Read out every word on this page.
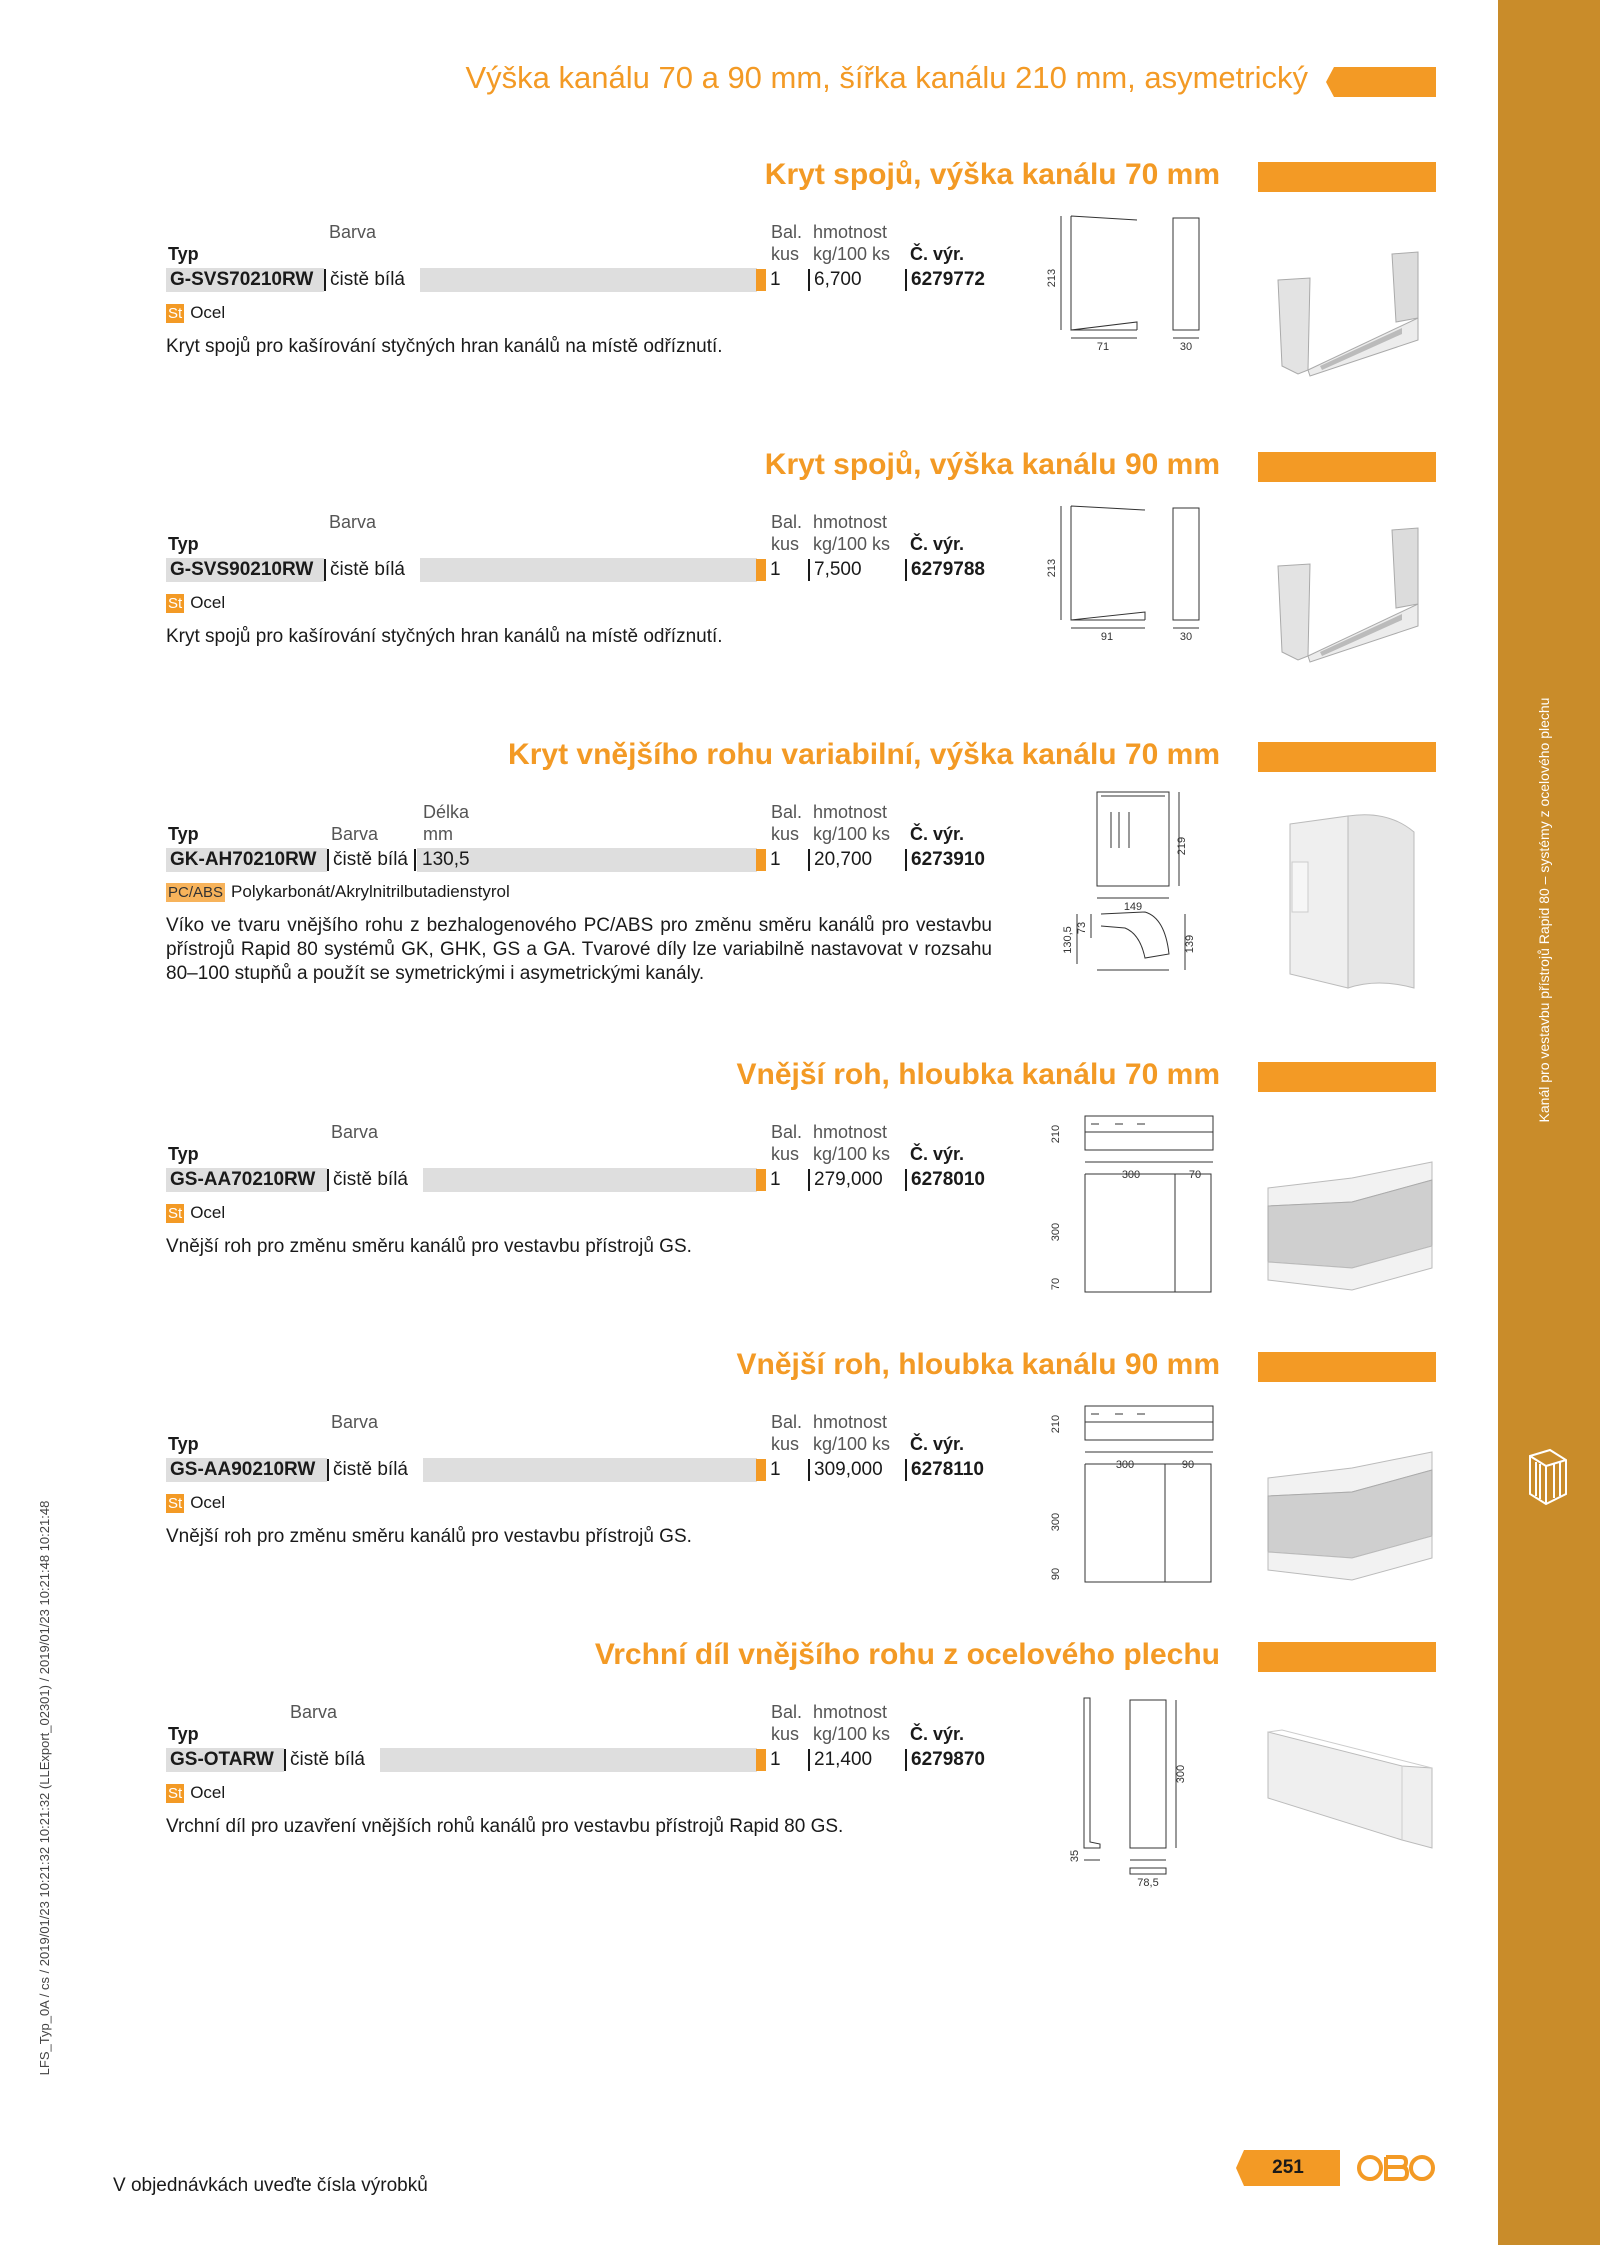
Kanál pro vestavbu přístrojů Rapid 80 – systémy z ocelového plechu
LFS_Typ_0A / cs / 2019/01/23 10:21:32 10:21:32 (LLExport_02301) / 2019/01/23 10:21:48 10:21:48
Výška kanálu 70 a 90 mm, šířka kanálu 210 mm, asymetrický
Kryt spojů, výška kanálu 70 mm
Barva
Typ
Bal.
kus
hmotnost
kg/100 ks Č. výr.
G-SVS70210RW čistě bílá	1 6,700	6279772
St Ocel
Kryt spojů pro kašírování styčných hran kanálů na místě odříznutí.
213
71	30
Kryt spojů, výška kanálu 90 mm
Barva
Typ
Bal.
kus
hmotnost
kg/100 ks Č. výr.
G-SVS90210RW čistě bílá	1 7,500	6279788
St Ocel
Kryt spojů pro kašírování styčných hran kanálů na místě odříznutí.
213
91	30
Kryt vnějšího rohu variabilní, výška kanálu 70 mm
Délka
mm
Barva
Typ
Bal.
kus
hmotnost
kg/100 ks Č. výr.
GK-AH70210RW čistě bílá 130,5	1 20,700 6273910
PC/ABS Polykarbonát/Akrylnitrilbutadienstyrol
Víko ve tvaru vnějšího rohu z bezhalogenového PC/ABS pro změnu směru kanálů pro vestavbu přístrojů Rapid 80 systémů GK, GHK, GS a GA. Tvarové díly lze variabilně nastavovat v rozsahu 80–100 stupňů a použít se symetrickými i asymetrickými kanály.
219
149
130,5 73
139
Vnější roh, hloubka kanálu 70 mm
Barva
Typ
Bal.
kus
hmotnost
kg/100 ks Č. výr.
GS-AA70210RW čistě bílá	1 279,000 6278010
St Ocel
Vnější roh pro změnu směru kanálů pro vestavbu přístrojů GS.
210
300	70
300
70
Vnější roh, hloubka kanálu 90 mm
Barva
Typ
Bal.
kus
hmotnost
kg/100 ks Č. výr.
GS-AA90210RW čistě bílá	1 309,000 6278110
St Ocel
Vnější roh pro změnu směru kanálů pro vestavbu přístrojů GS.
210
300	90
300
90
Vrchní díl vnějšího rohu z ocelového plechu
Barva
Typ
Bal.
kus
hmotnost
kg/100 ks Č. výr.
GS-OTARW čistě bílá	1 21,400 6279870
St Ocel
Vrchní díl pro uzavření vnějších rohů kanálů pro vestavbu přístrojů Rapid 80 GS.
300
35
78,5
V objednávkách uveďte čísla výrobků
251
